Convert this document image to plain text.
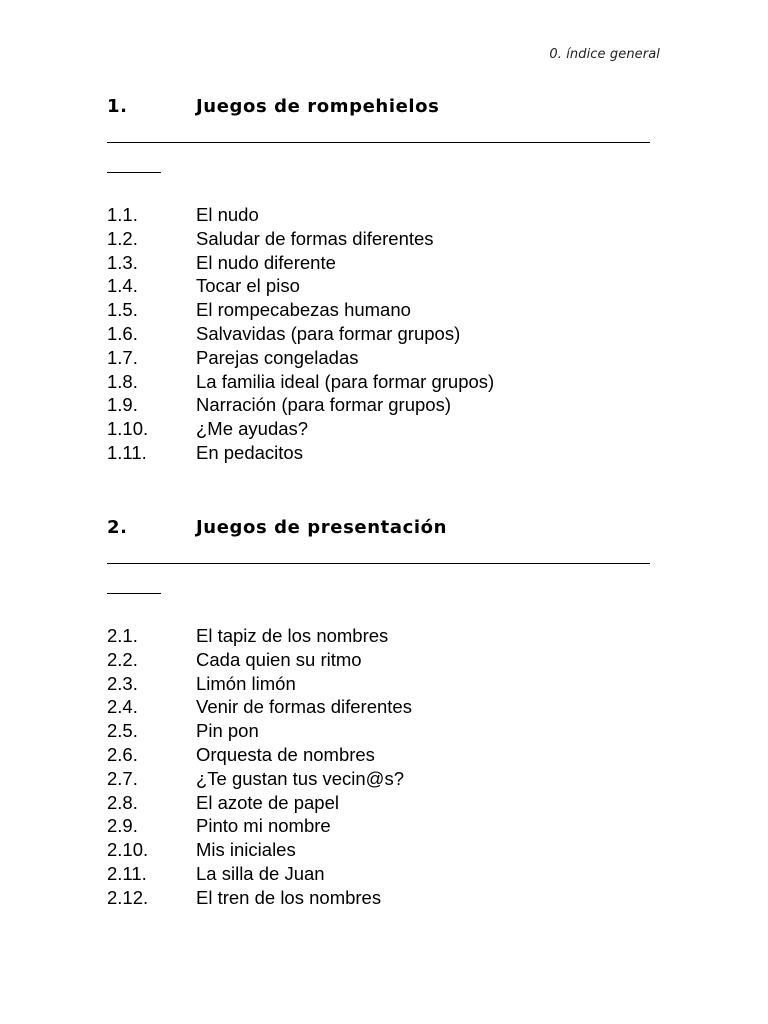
0. índice general
1.	Juegos de rompehielos
1.1.	El nudo
1.2.	Saludar de formas diferentes
1.3.	El nudo diferente
1.4.	Tocar el piso
1.5.	El rompecabezas humano
1.6.	Salvavidas (para formar grupos)
1.7.	Parejas congeladas
1.8.	La familia ideal (para formar grupos)
1.9.	Narración (para formar grupos)
1.10.	¿Me ayudas?
1.11.	En pedacitos
2.	Juegos de presentación
2.1.	El tapiz de los nombres
2.2.	Cada quien su ritmo
2.3.	Limón limón
2.4.	Venir de formas diferentes
2.5.	Pin pon
2.6.	Orquesta de nombres
2.7.	¿Te gustan tus vecin@s?
2.8.	El azote de papel
2.9.	Pinto mi nombre
2.10.	Mis iniciales
2.11.	La silla de Juan
2.12.	El tren de los nombres
